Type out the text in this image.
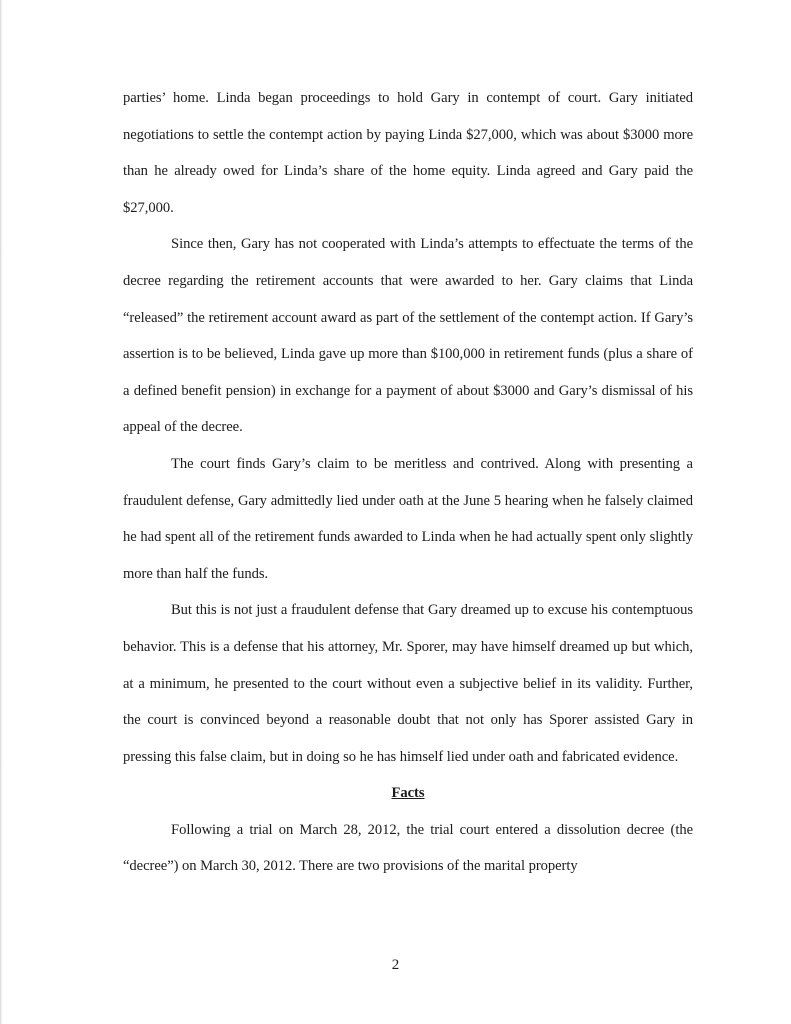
parties’ home. Linda began proceedings to hold Gary in contempt of court. Gary initiated negotiations to settle the contempt action by paying Linda $27,000, which was about $3000 more than he already owed for Linda’s share of the home equity. Linda agreed and Gary paid the $27,000.

Since then, Gary has not cooperated with Linda’s attempts to effectuate the terms of the decree regarding the retirement accounts that were awarded to her. Gary claims that Linda “released” the retirement account award as part of the settlement of the contempt action. If Gary’s assertion is to be believed, Linda gave up more than $100,000 in retirement funds (plus a share of a defined benefit pension) in exchange for a payment of about $3000 and Gary’s dismissal of his appeal of the decree.

The court finds Gary’s claim to be meritless and contrived. Along with presenting a fraudulent defense, Gary admittedly lied under oath at the June 5 hearing when he falsely claimed he had spent all of the retirement funds awarded to Linda when he had actually spent only slightly more than half the funds.

But this is not just a fraudulent defense that Gary dreamed up to excuse his contemptuous behavior. This is a defense that his attorney, Mr. Sporer, may have himself dreamed up but which, at a minimum, he presented to the court without even a subjective belief in its validity. Further, the court is convinced beyond a reasonable doubt that not only has Sporer assisted Gary in pressing this false claim, but in doing so he has himself lied under oath and fabricated evidence.

Facts

Following a trial on March 28, 2012, the trial court entered a dissolution decree (the “decree”) on March 30, 2012. There are two provisions of the marital property

2
